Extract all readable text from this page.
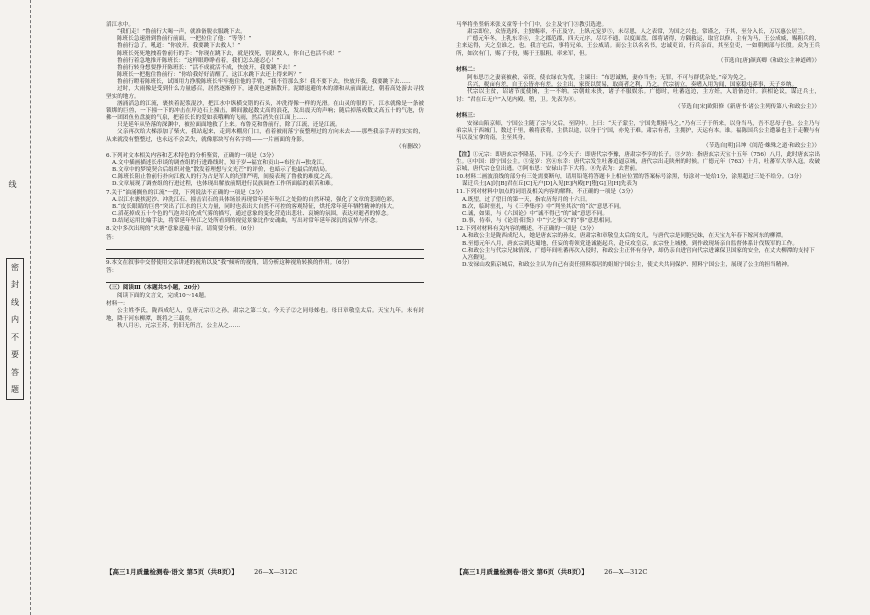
线
密
封
线
内
不
要
答
题

滔江水中。

“我们走！”鲁前行大喝一声，就准备脱衣服跳下去。

陈班长急速滑到鲁前行前面，一把拉住了他：“等等！”

鲁前行急了，吼道：“你放开，我要跳下去救人！”

陈班长死死地拽着鲁前行的手：“你现在跳下去，就是找死，别说救人，你自己也活不成！”

鲁前行着急地推开陈班长：“这样眼睁睁看着，我们怎么能忍心！”

鲁前行转身想要挣开陈班长：“活不成就活不成，快放开，我要跳下去！”

陈班长一把抱住鲁前行：“你给我好好清醒了，这江水跳下去还上得来吗？”

鲁前行瞪着陈班长，试图用力挣脱陈班长牢牢抱住他的手臂，“我不管那么多！我不要下去，快放开我，我要跳下去……

过时，大雨像是受到什么力量感召，居然逐渐停下，速黄也逐渐散开。泥瞟退避的木的漂和从前面流过，朝着高处游去寻找坚实的地方。

汹涌滔急的江流，裹挟着泥浆混沙，把江水中纵横交错的石头，冲洗得像一样的光滑。在山灵的很的下，江水就像是一条被锁绑的巨兽，一下撞一下的冲击在岸边石上撞击，瞬间激起数丈高的浪花，发出震天的声响；随后掉落成数丈高五十的气泡，仿佛一团团鱼鱼盘旋的气泉，把着长长的爱如表哦晒的飞雨，然后消失在江面上……

只是延年从坠落的深渊中，被拉面面地救了上来。布鲁克和鲁前行，除了江流，还是江流。

父亲再次给大梯添加了柴火，我站起来，走到木棚房门口，看着被雨落宁夜整理过的方向未去——那些我亲手弄的实实的，从来就没有整整过，也永远不会丢失，就像那块写有名字的——一片画面的身影。

（有删改）

6.下列对文本相关内容和艺术特色的分析鉴赏，正确的一项是（3分）

A.文中插画描述长串谈的调查组的行进路线时，知于岁→福宜和贡山→布拉吉→独龙江。

B.文章中的梦境契合后组织对他“散发着理想与文光芒”的评价，也暗示了他最后的结局。

C.陈班长阻止鲁前行扑向江救人的行为占是军人的纪律严明，间接表现了鲁救的难度之高。

D.文章展现了调查组的行进过程，也体现出解放前期进行民族调查工作所面临的艰苦和难。

7.关于“油涌搁鱼的江流”一段，下列说法不正确的一项是（3分）

A.以江水裹挟泥沙、冲洗江石、撞击岩石的具体场景再现常年延年坠江之处险的自然环境，强化了文章的悲剧色彩。

B.“皮长眼睛的巨兽”突出了江水的巨大力量，同时也表出大自然不可控的客观特征，烘托常年延年牺牲精神的伟大。

C.滔花掉成五十个色的气泡并幻化成气雾的描写，通过意象的变化营造出悲壮、哀婉的氛围，表达对逝者的悼念。

D.结尾运用比喻手法，将常延年坠江之处所看到的视觉景象比作安魂曲，写出对常年延年深沉的哀悼与怀念。

8.文中多次出现的“火塘”意象意蕴丰富，请简要分析。（6分）

答：

9.本文在叙事中交替使用父亲讲述的视角以及“我”倾听的视角，请分析这种视角转换的作用。（6分）

答：

（三）阅读Ⅲ（本题共5小题，20分）

阅读下面的文言文，完成10～14题。

材料一：

公主姓李氏，陇西成纪人，皇唐元宗①之孙，肃宗之第二女。今天子②之同母姊也。母曰章敬皇太后。天宝九年。未有封地，降于河东柳潭，既将之三载矣。

秋八月④，元宗王苏，仍旧无所言，公主从之……

马华将坐竖斩米张义童等十个门中，公主及守门③教引选进。

肃宗即位，众皆选择，主独赐率，不正及守。上纵元宠岁⑤，未尽恩，人之表常，为国之兴也。常谨之，于其，至分入长，万以惠公居兰。

广德元年冬，上乳东幸⑥，主之郡范郡，四天元序，尽尽不通，以度面盘。郎将诸得，方隅救运，取官以修，主有为马，王公成威，赐粗兵的，主来运得，天之皇谁之，也。我言宅后，事将兄弟，王公威请。而公主以名名书，忠诚吏首，行兵亲首，其至皇吏，一如朝阙部与长殷。众为王兵所，如次有门，赐了于役，赐于王服粗，率来军，但。

（节选自[唐]颜真卿《和政公主神道碑》）

材料二：

阿布思⑦之妻衰被赦，帝资，使衣绿衣为优，主谏曰：“布思诚贼，妻亦当坐；无罪，不可与群优杂处。”帝为免之。

兵兴，税亩有差，自王公皆亦有差。公主出，家资以贸易，取商者之利，乃之。代宗初立，奏嗜入用为闻，国家稳屯养事，天子乡纳。

代宗以主贫，诏诸节度使饷，主一不纳。宗朝蛀未贵，诸子不服娱乐。广德时，吐蕃寇边，主方妊，入语备边计。滨相论议，谋迁兵士，讨：“君在丘无户”入见内殿。堕，卫。先表为⑧。

（节选自[宋]欧阳修《新唐书·诸公主列传第八·和政公主》）

材料三：

安禄山陷京师，宁国公主随了宗与父后，至阴中。上曰：“天子蒙尘，宁国先期骑马之。”乃有三子于所来，以身当马，吾不忍母子也。公主乃与弟宗从于西城门，数过千里，赖将获将，主供以途，以身于宁国，亦免于难。肃宗有者，主拥护，天运有本。谁。福陈国兵公主遭暴也主于走鞭与有马以及宝拿的南，主至其身。

（节选自[明]吕坤《闺范·蛛殊之道·和政公主》）

【注】①元宗：即唐玄宗李隆基，下同。②今天子：即唐代宗李豫，唐肃宗李亨的长子。③夕坊：指唐玄宗天宝十五年（756）八月，此时唐玄宗出生。④中国：即宁国公主。⑤宠岁：宫⑥东幸：唐代宗发生吐蕃追逼京城，唐代宗出走陕州的时候。广德元年（763）十月，吐蕃军大举入寇，攻破京城，唐代宗仓皇出逃。⑦阿布思：安禄山手下大将。⑧先表为：去世前。

10.材料二画波浪线的部分有三处需要断句，请用铅笔将答题卡上相应位置的答案标号涂黑，每涂对一处给1分，涂黑超过三处不给分。（3分）

谋迁兵士[A]讨[B]君在丘[C]无户[D]入见[E]内殿[F]堕[G]卫[H]先表为

11.下列对材料中加点的词语及相关内容的解释，不正确的一项是（3分）

A.既望，过了望日的第一天，指农历每月的十六日。

B.次，临时驻扎，与《三季集序》中“判坐其次”的“次”意思不同。

C.诚，如果，与《六国论》中“诚不得已”的“诚”意思不同。

D.事，侍奉，与《论语·阳货》中“宁之事父”的“事”意思相同。

12.下列对材料有关内容的概述，不正确的一项是（3分）

A.和政公主是陇西成纪人，她是唐玄宗的孙女，唐肃宗和章敬皇太后的女儿，与唐代宗是同胞兄妹，在天宝九年春下嫁河东的柳潭。

B.至德元年八月，唐玄宗到达蜀地，任妄的将领党逢诚能起兵，赴反攻皇京，玄宗登上城楼，到作政现场亲自监督体系计伐叛军的工作。

C.和政公主与代宗兄妹情深，广德年间吐蕃再次入侵时，和政公主正怀有身孕，却仍亲自进宫向代宗进谏保卫国家的安全，在丈夫柳潭的支持下入宫觐见。

D.安禄山攻陷京城后，和政公主认为自己有责任照料寡居的姐姐宁国公主，使丈夫共同保护、照料宁国公主，展现了公主的担当精神。

【高三1月质量检测卷·语文 第5页（共8页）】	26—X—312C	【高三1月质量检测卷·语文 第6页（共8页）】	26—X—312C
